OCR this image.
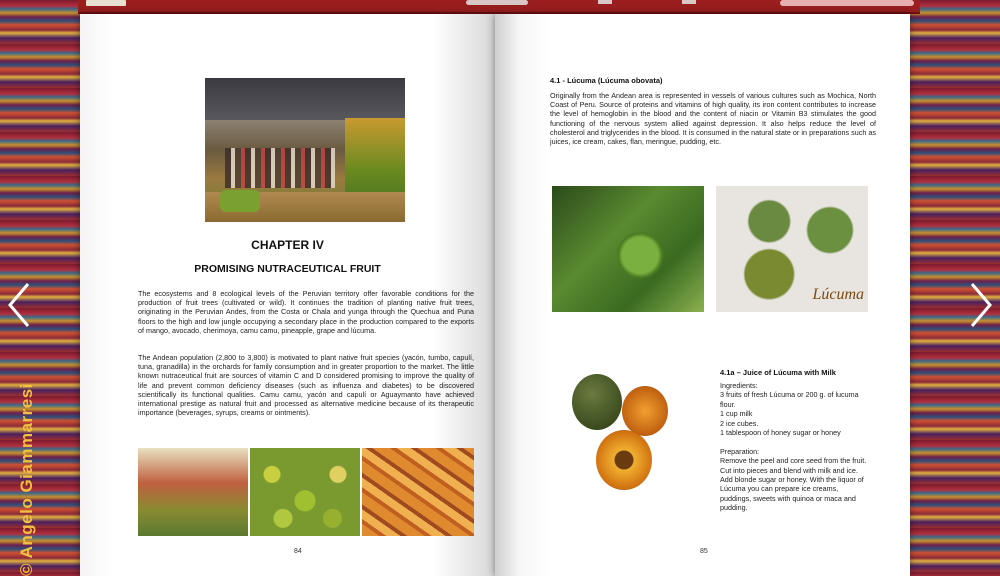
CHAPTER IV
PROMISING NUTRACEUTICAL FRUIT
The ecosystems and 8 ecological levels of the Peruvian territory offer favorable conditions for the production of fruit trees (cultivated or wild). It continues the tradition of planting native fruit trees, originating in the Peruvian Andes, from the Costa or Chala and yunga through the Quechua and Puna floors to the high and low jungle occupying a secondary place in the production compared to the exports of mango, avocado, cherimoya, camu camu, pineapple, grape and lúcuma.
The Andean population (2,800 to 3,800) is motivated to plant native fruit species (yacón, tumbo, capulí, tuna, granadilla) in the orchards for family consumption and in greater proportion to the market. The little known nutraceutical fruit are sources of vitamin C and D considered promising to improve the quality of life and prevent common deficiency diseases (such as influenza and diabetes) to be discovered scientifically its functional qualities. Camu camu, yacón and capulí or Aguaymanto have achieved international prestige as natural fruit and processed as alternative medicine because of its therapeutic importance (beverages, syrups, creams or ointments).
84
4.1 - Lúcuma (Lúcuma obovata)
Originally from the Andean area is represented in vessels of various cultures such as Mochica, North Coast of Peru. Source of proteins and vitamins of high quality, its iron content contributes to increase the level of hemoglobin in the blood and the content of niacin or Vitamin B3 stimulates the good functioning of the nervous system allied against depression. It also helps reduce the level of cholesterol and triglycerides in the blood. It is consumed in the natural state or in preparations such as juices, ice cream, cakes, flan, meringue, pudding, etc.
Lúcuma
4.1a – Juice of Lúcuma with Milk
Ingredients:
3 fruits of fresh Lúcuma or 200 g. of lucuma flour.
1 cup milk
2 ice cubes.
1 tablespoon of honey sugar or honey
Preparation:
Remove the peel and core seed from the fruit. Cut into pieces and blend with milk and ice. Add blonde sugar or honey. With the liquor of Lúcuma you can prepare ice creams, puddings, sweets with quinoa or maca and pudding.
85
© Angelo Giammarresi
